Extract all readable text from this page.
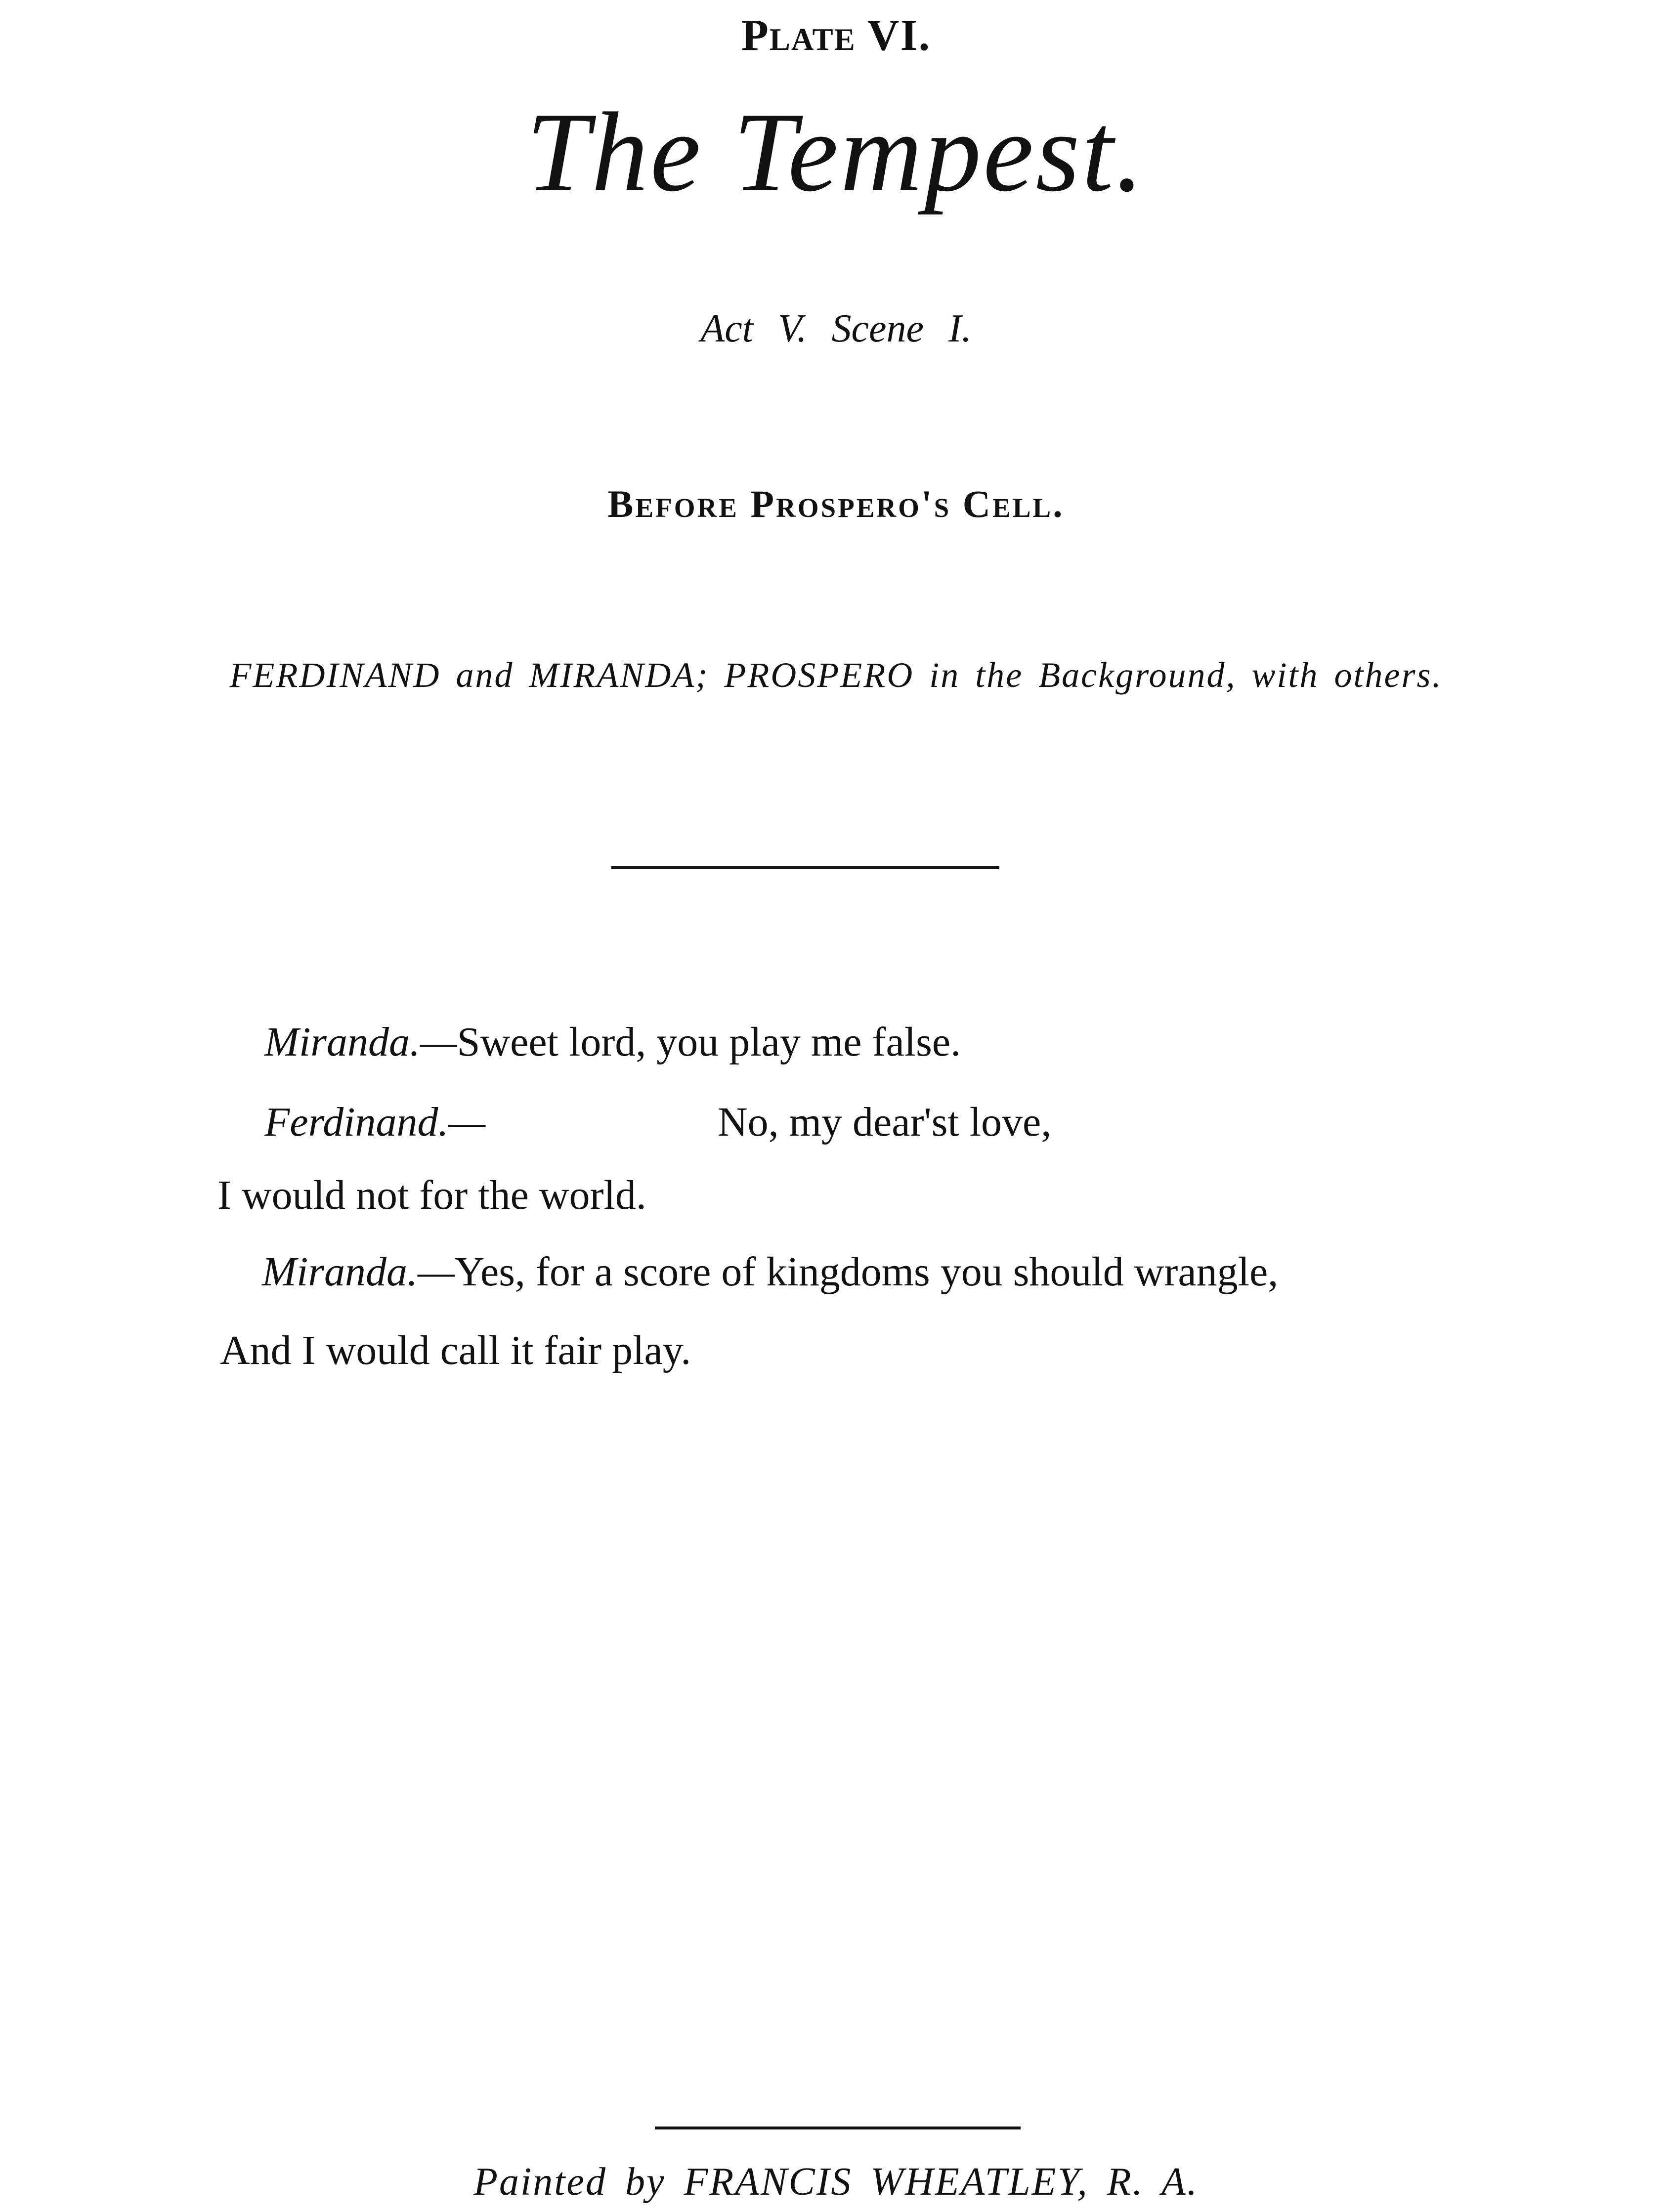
Plate VI.
The Tempest.
Act V. Scene I.
Before Prospero's Cell.
FERDINAND and MIRANDA; PROSPERO in the Background, with others.
Miranda.—Sweet lord, you play me false.
Ferdinand.—	No, my dear'st love,
I would not for the world.
Miranda.—Yes, for a score of kingdoms you should wrangle,
And I would call it fair play.
Painted by FRANCIS WHEATLEY, R. A.
